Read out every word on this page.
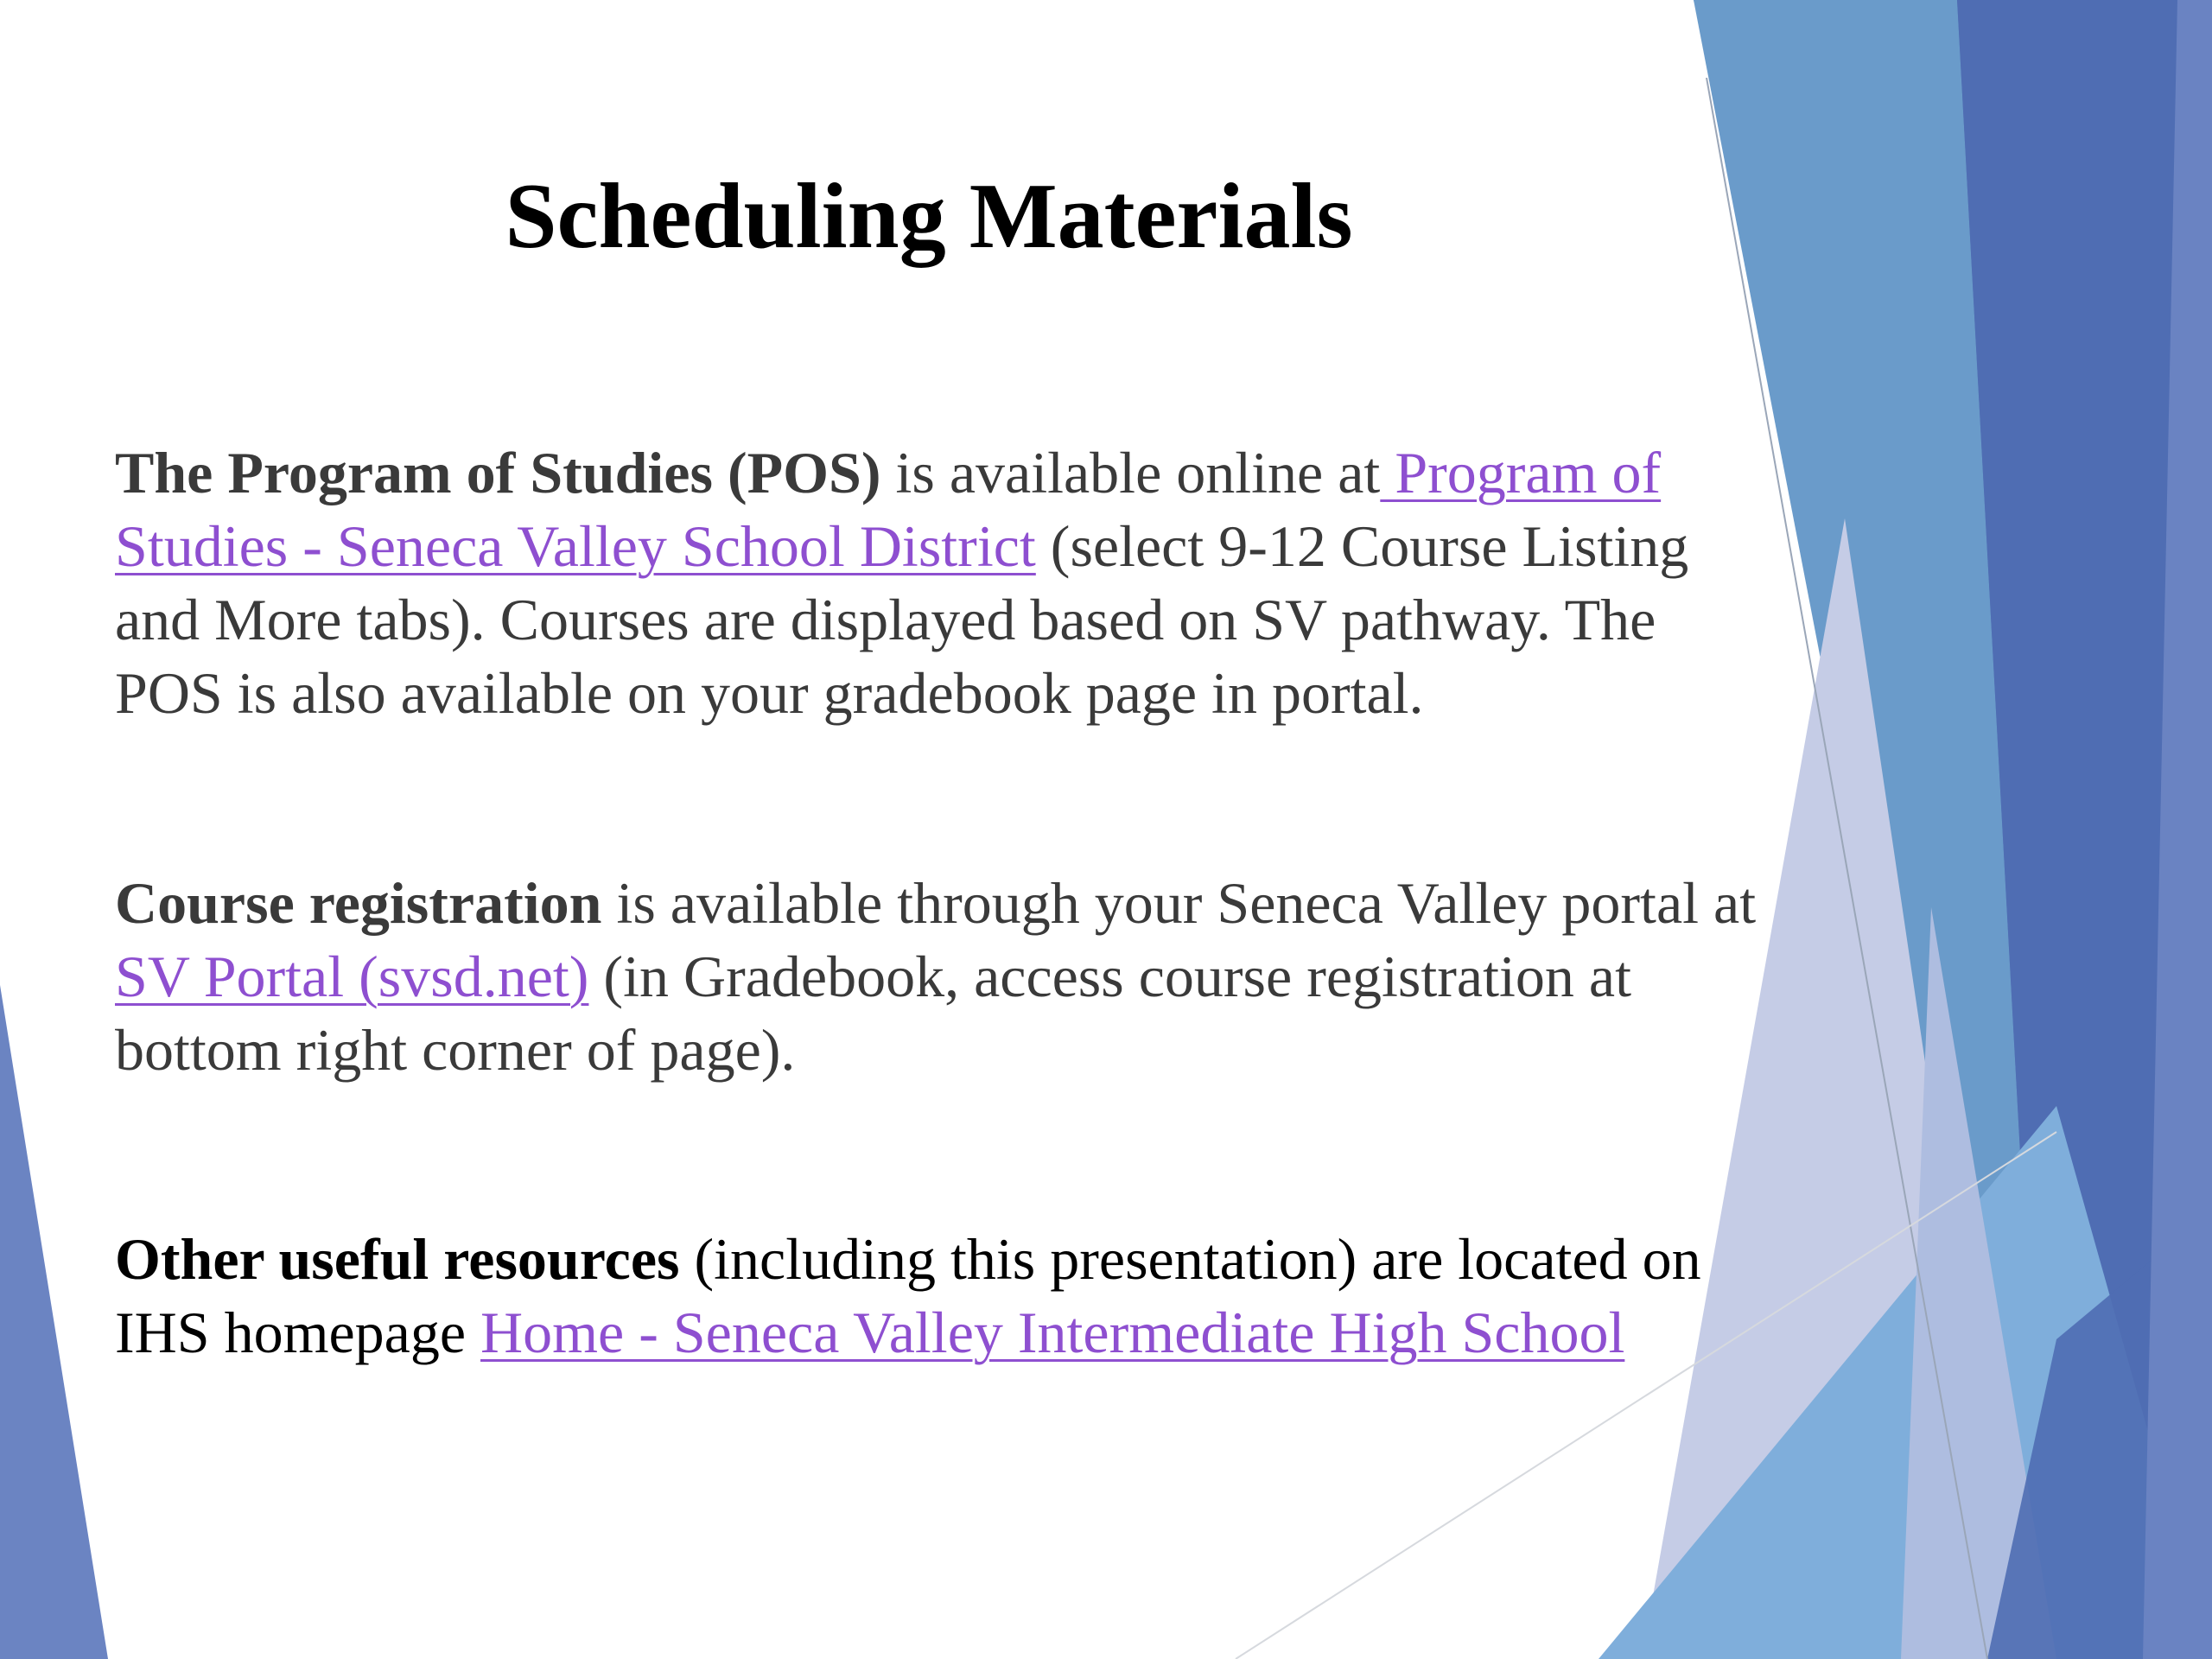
Scheduling Materials

The Program of Studies (POS) is available online at Program of Studies - Seneca Valley School District (select 9-12 Course Listing and More tabs). Courses are displayed based on SV pathway. The POS is also available on your gradebook page in portal.

Course registration is available through your Seneca Valley portal at SV Portal (svsd.net) (in Gradebook, access course registration at bottom right corner of page).

Other useful resources (including this presentation) are located on IHS homepage Home - Seneca Valley Intermediate High School
